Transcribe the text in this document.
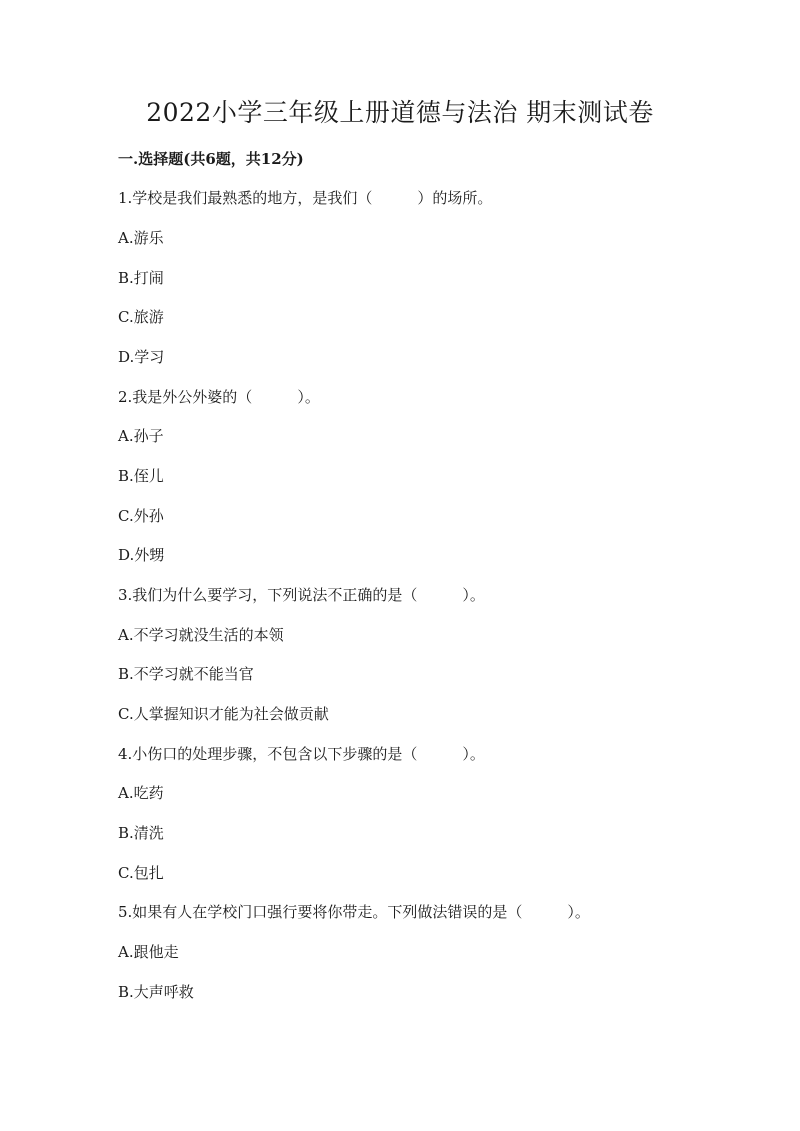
2022小学三年级上册道德与法治 期末测试卷
一.选择题(共6题，共12分)
1.学校是我们最熟悉的地方，是我们（　　　）的场所。
A.游乐
B.打闹
C.旅游
D.学习
2.我是外公外婆的（　　　）。
A.孙子
B.侄儿
C.外孙
D.外甥
3.我们为什么要学习，下列说法不正确的是（　　　）。
A.不学习就没生活的本领
B.不学习就不能当官
C.人掌握知识才能为社会做贡献
4.小伤口的处理步骤，不包含以下步骤的是（　　　）。
A.吃药
B.清洗
C.包扎
5.如果有人在学校门口强行要将你带走。下列做法错误的是（　　　）。
A.跟他走
B.大声呼救
